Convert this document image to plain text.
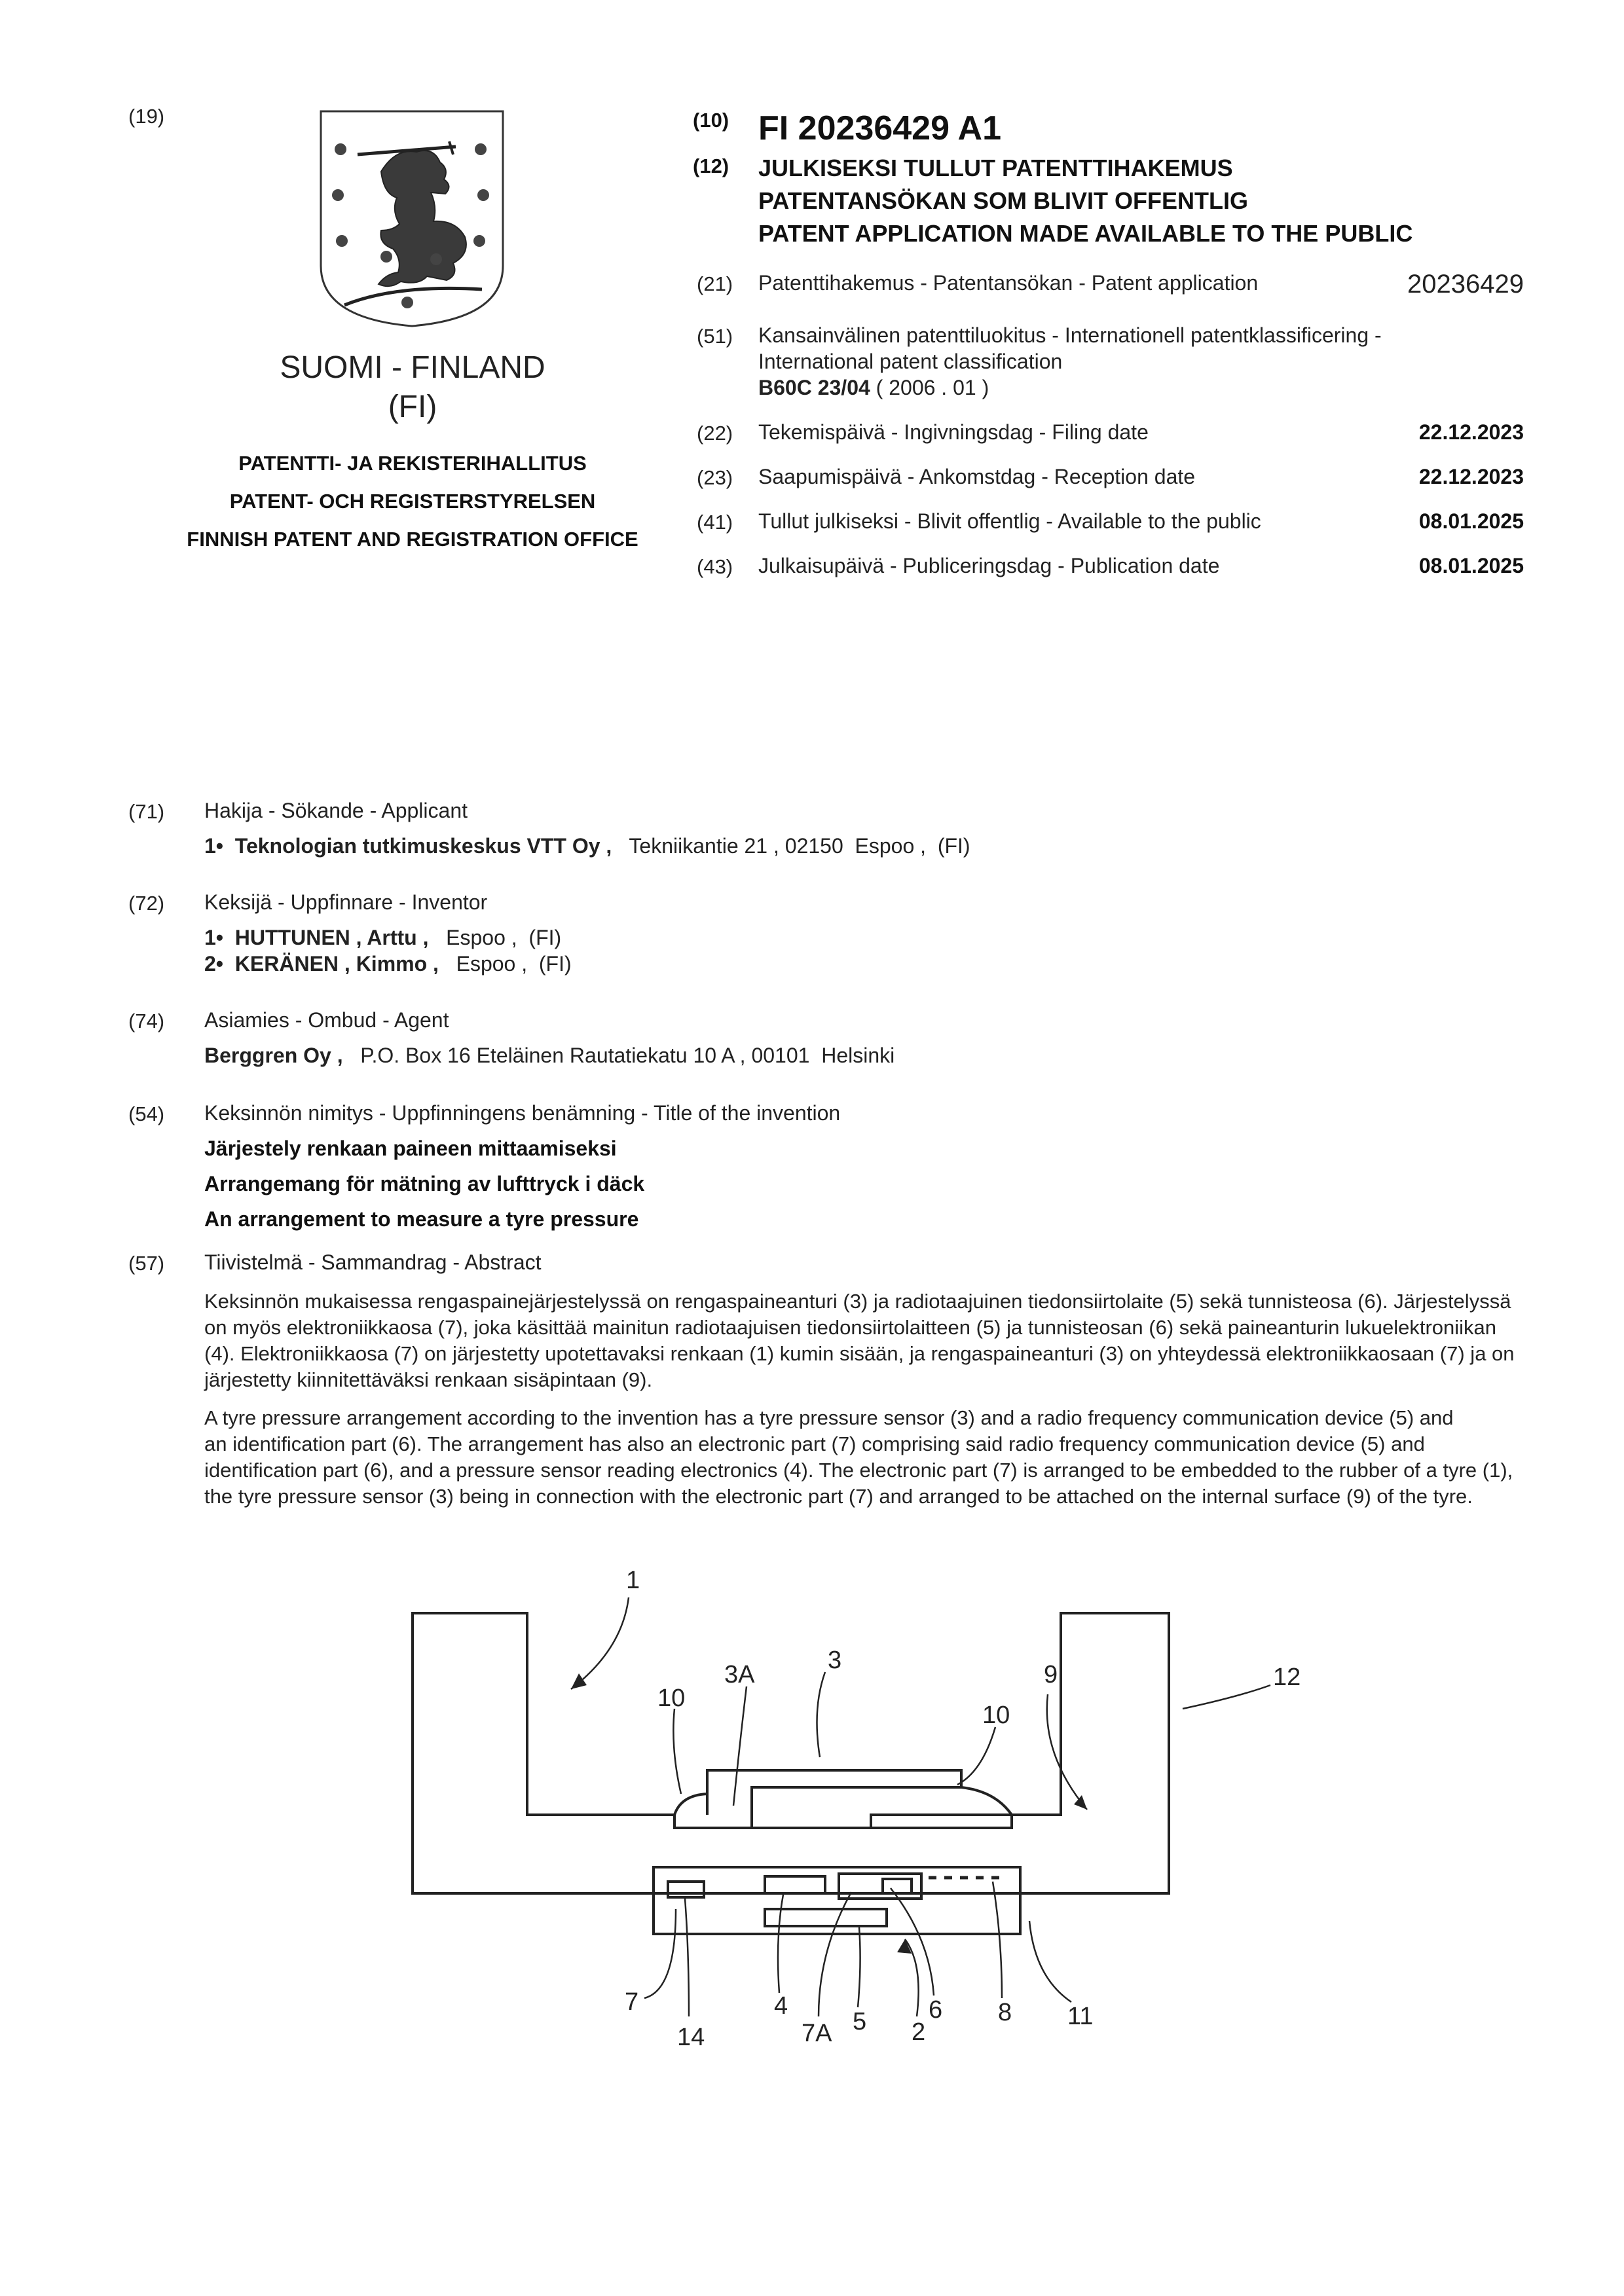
(19)
SUOMI - FINLAND
(FI)
PATENTTI- JA REKISTERIHALLITUS
PATENT- OCH REGISTERSTYRELSEN
FINNISH PATENT AND REGISTRATION OFFICE
(10) FI 20236429 A1
(12) JULKISEKSI TULLUT PATENTTIHAKEMUS
PATENTANSÖKAN SOM BLIVIT OFFENTLIG
PATENT APPLICATION MADE AVAILABLE TO THE PUBLIC
(21) Patenttihakemus - Patentansökan - Patent application	20236429
(51) Kansainvälinen patenttiluokitus - Internationell patentklassificering -
International patent classification
B60C 23/04 ( 2006 . 01 )
(22) Tekemispäivä - Ingivningsdag - Filing date	22.12.2023
(23) Saapumispäivä - Ankomstdag - Reception date	22.12.2023
(41) Tullut julkiseksi - Blivit offentlig - Available to the public	08.01.2025
(43) Julkaisupäivä - Publiceringsdag - Publication date	08.01.2025
(71) Hakija - Sökande - Applicant
1• Teknologian tutkimuskeskus VTT Oy , Tekniikantie 21 , 02150  Espoo ,  (FI)
(72) Keksijä - Uppfinnare - Inventor
1• HUTTUNEN , Arttu , Espoo ,  (FI)
2• KERÄNEN , Kimmo , Espoo ,  (FI)
(74) Asiamies - Ombud - Agent
Berggren Oy , P.O. Box 16 Eteläinen Rautatiekatu 10 A , 00101  Helsinki
(54) Keksinnön nimitys - Uppfinningens benämning - Title of the invention
Järjestely renkaan paineen mittaamiseksi
Arrangemang för mätning av lufttryck i däck
An arrangement to measure a tyre pressure
(57) Tiivistelmä - Sammandrag - Abstract
Keksinnön mukaisessa rengaspainejärjestelyssä on rengaspaineanturi (3) ja radiotaajuinen tiedonsiirtolaite (5) sekä tunnisteosa (6). Järjestelyssä
on myös elektroniikkaosa (7), joka käsittää mainitun radiotaajuisen tiedonsiirtolaitteen (5) ja tunnisteosan (6) sekä paineanturin lukuelektroniikan
(4). Elektroniikkaosa (7) on järjestetty upotettavaksi renkaan (1) kumin sisään, ja rengaspaineanturi (3) on yhteydessä elektroniikkaosaan (7) ja on
järjestetty kiinnitettäväksi renkaan sisäpintaan (9).
A tyre pressure arrangement according to the invention has a tyre pressure sensor (3) and a radio frequency communication device (5) and
an identification part (6). The arrangement has also an electronic part (7) comprising said radio frequency communication device (5) and
identification part (6), and a pressure sensor reading electronics (4). The electronic part (7) is arranged to be embedded to the rubber of a tyre (1),
the tyre pressure sensor (3) being in connection with the electronic part (7) and arranged to be attached on the internal surface (9) of the tyre.
1
3
3A	9
10
10
12
7
14
4
7A 5 6
2
8 11
